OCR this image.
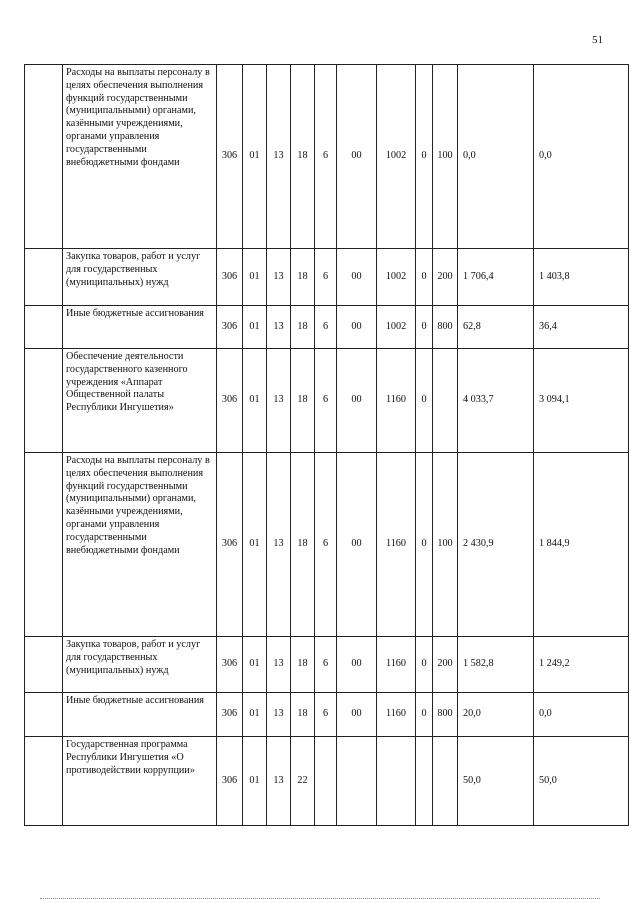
51
	Расходы на выплаты персоналу в целях обеспечения выполнения функций государственными (муниципальными) органами, казёнными учреждениями, органами управления государственными внебюджетными фондами	306	01	13	18	6	00	1002	0	100	0,0	0,0
	Закупка товаров, работ и услуг для государственных (муниципальных) нужд	306	01	13	18	6	00	1002	0	200	1 706,4	1 403,8
	Иные бюджетные ассигнования	306	01	13	18	6	00	1002	0	800	62,8	36,4
	Обеспечение деятельности государственного казенного учреждения «Аппарат Общественной палаты Республики Ингушетия»	306	01	13	18	6	00	1160	0		4 033,7	3 094,1
	Расходы на выплаты персоналу в целях обеспечения выполнения функций государственными (муниципальными) органами, казёнными учреждениями, органами управления государственными внебюджетными фондами	306	01	13	18	6	00	1160	0	100	2 430,9	1 844,9
	Закупка товаров, работ и услуг для государственных (муниципальных) нужд	306	01	13	18	6	00	1160	0	200	1 582,8	1 249,2
	Иные бюджетные ассигнования	306	01	13	18	6	00	1160	0	800	20,0	0,0
	Государственная программа Республики Ингушетия «О противодействии коррупции»	306	01	13	22						50,0	50,0
